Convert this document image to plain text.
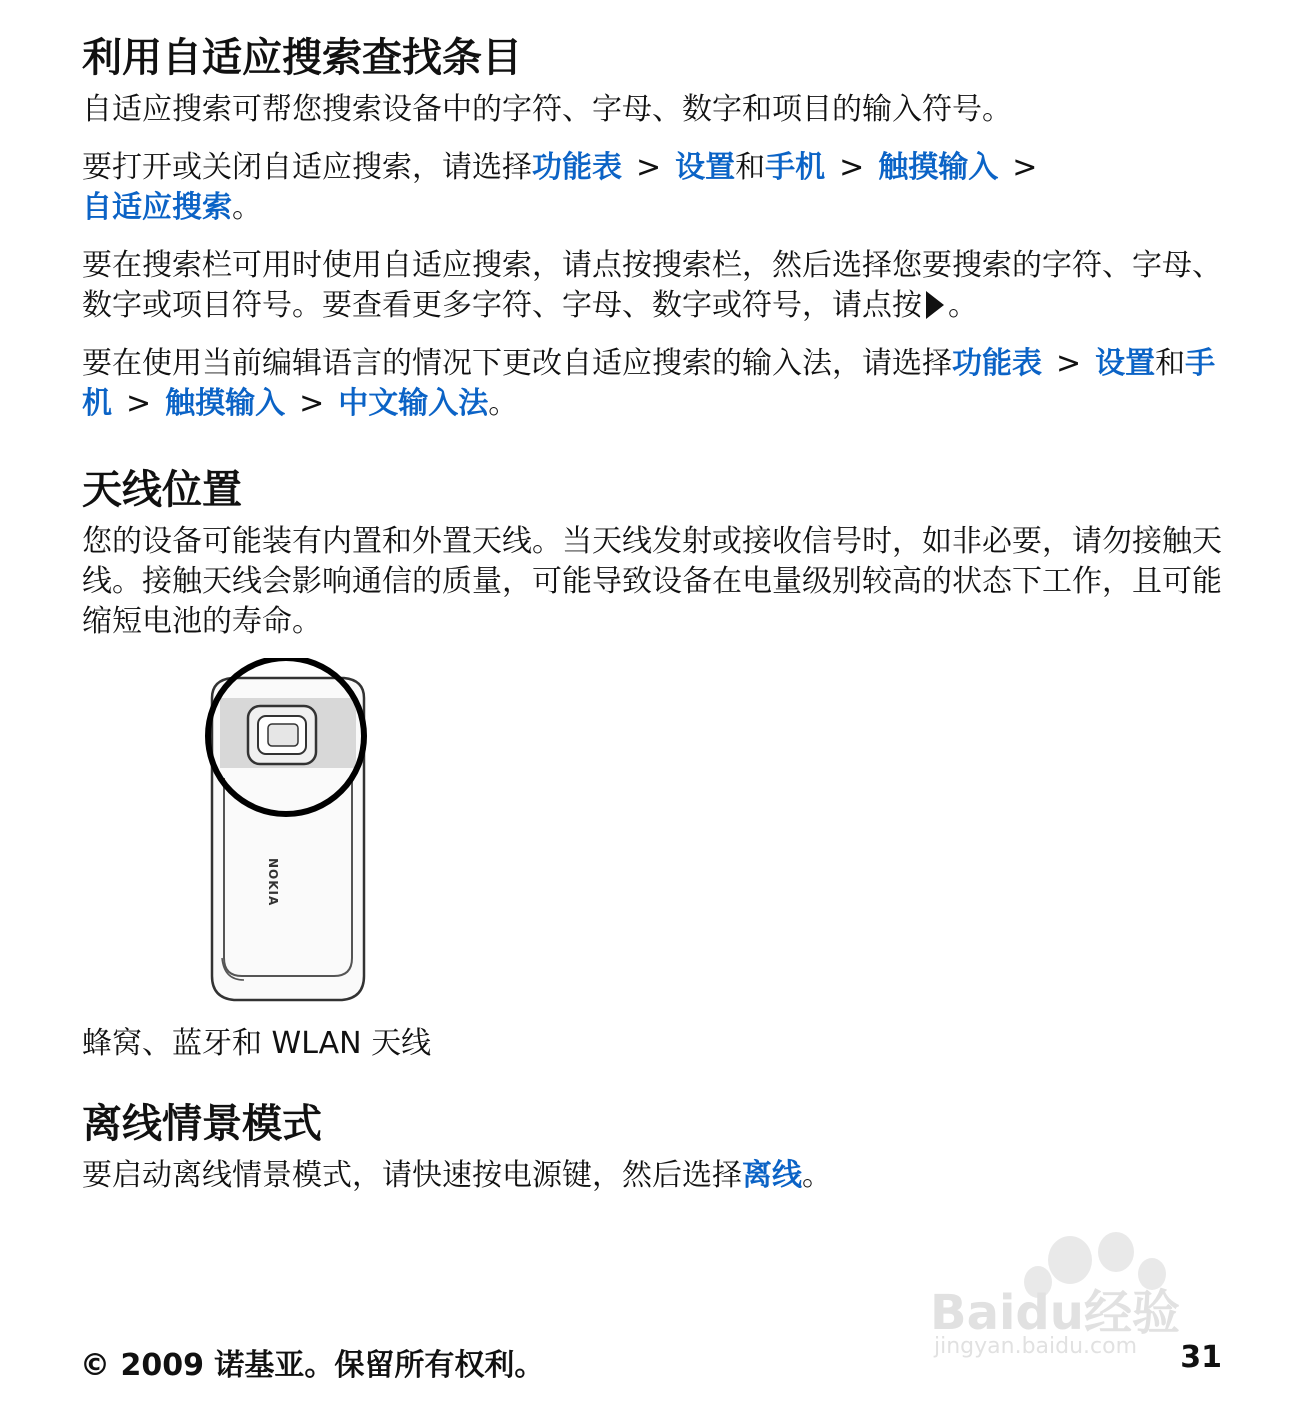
利用自适应搜索查找条目

自适应搜索可帮您搜索设备中的字符、字母、数字和项目的输入符号。

要打开或关闭自适应搜索，请选择功能表 > 设置和手机 > 触摸输入 >
自适应搜索。

要在搜索栏可用时使用自适应搜索，请点按搜索栏，然后选择您要搜索的字符、字母、数字或项目符号。要查看更多字符、字母、数字或符号，请点按 。

要在使用当前编辑语言的情况下更改自适应搜索的输入法，请选择功能表 > 设置和手机 > 触摸输入 > 中文输入法。

天线位置

您的设备可能装有内置和外置天线。当天线发射或接收信号时，如非必要，请勿接触天线。接触天线会影响通信的质量，可能导致设备在电量级别较高的状态下工作，且可能缩短电池的寿命。

NOKIA

蜂窝、蓝牙和 WLAN 天线

离线情景模式

要启动离线情景模式，请快速按电源键，然后选择离线。

Baidu经验
jingyan.baidu.com
© 2009 诺基亚。保留所有权利。	31
